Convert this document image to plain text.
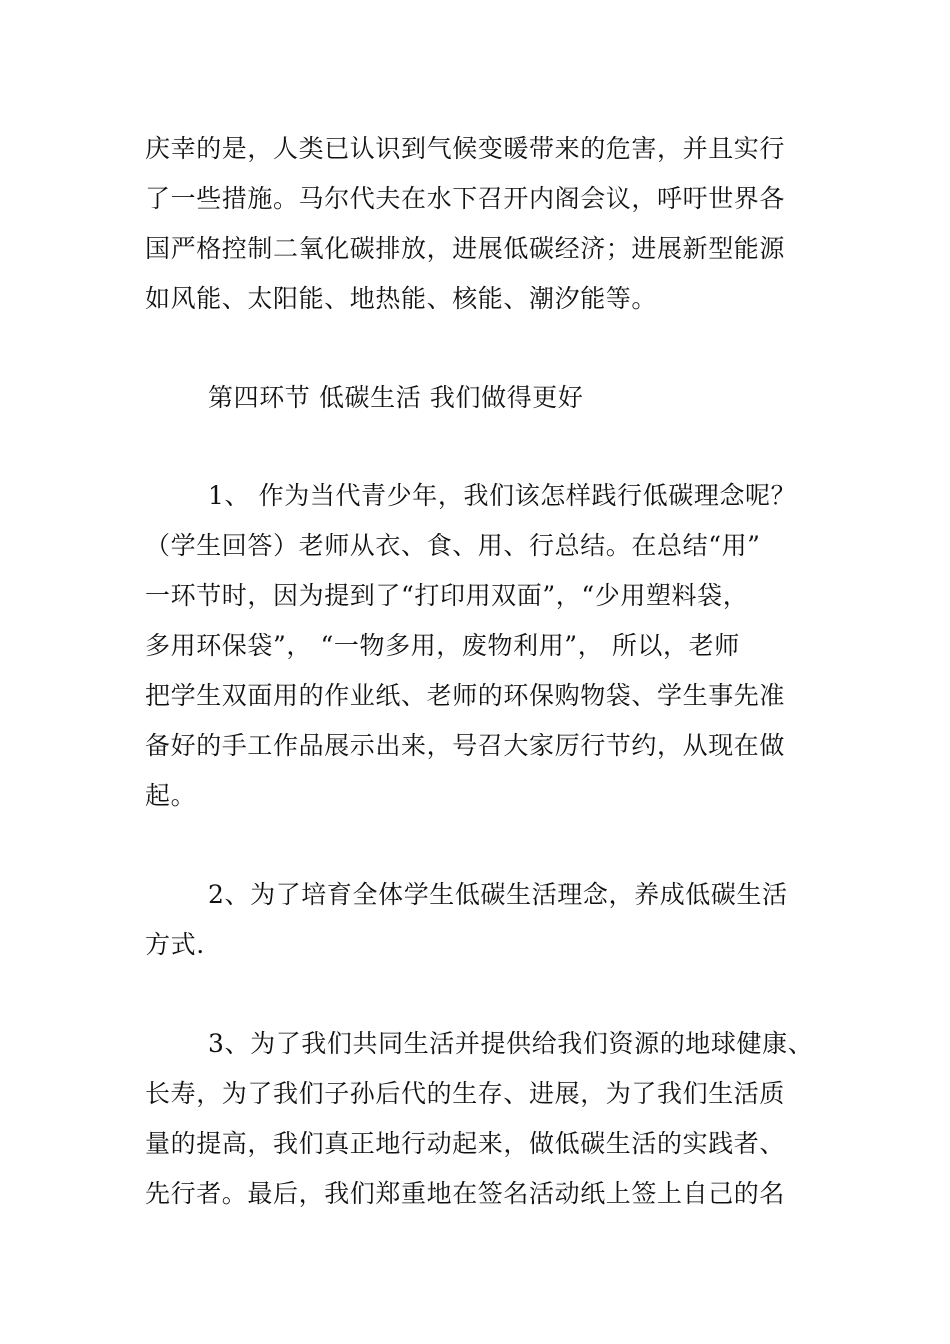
庆幸的是，人类已认识到气候变暖带来的危害，并且实行
了一些措施。马尔代夫在水下召开内阁会议，呼吁世界各
国严格控制二氧化碳排放，进展低碳经济；进展新型能源
如风能、太阳能、地热能、核能、潮汐能等。
第四环节 低碳生活 我们做得更好
1、 作为当代青少年，我们该怎样践行低碳理念呢？
（学生回答）老师从衣、食、用、行总结。在总结“用”
一环节时，因为提到了“打印用双面”，“少用塑料袋，
多用环保袋”， “一物多用，废物利用”， 所以，老师
把学生双面用的作业纸、老师的环保购物袋、学生事先准
备好的手工作品展示出来，号召大家厉行节约，从现在做
起。
2、为了培育全体学生低碳生活理念，养成低碳生活
方式.
3、为了我们共同生活并提供给我们资源的地球健康、
长寿，为了我们子孙后代的生存、进展，为了我们生活质
量的提高，我们真正地行动起来，做低碳生活的实践者、
先行者。最后，我们郑重地在签名活动纸上签上自己的名
